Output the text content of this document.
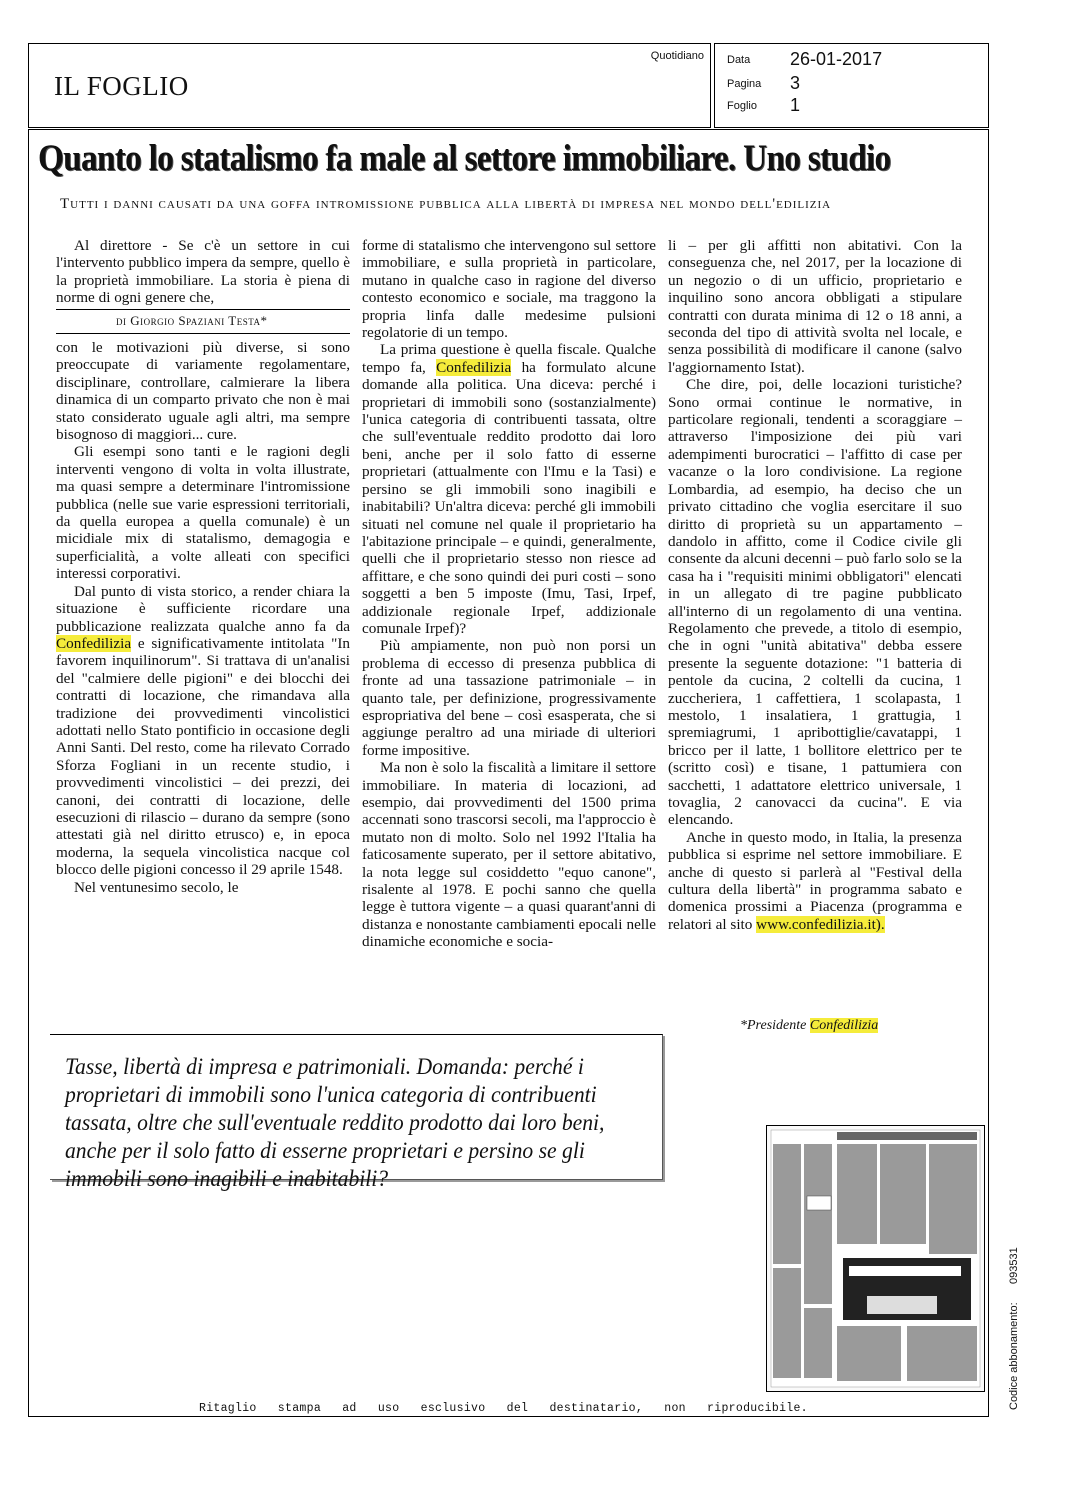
IL FOGLIO
Quotidiano Data 26-01-2017
Pagina 3
Foglio 1
Quanto lo statalismo fa male al settore immobiliare. Uno studio
Tutti i danni causati da una goffa intromissione pubblica alla libertà di impresa nel mondo dell'edilizia

Al direttore - Se c'è un settore in cui l'intervento pubblico impera da sempre, quello è la proprietà immobiliare. La storia è piena di norme di ogni genere che,

di Giorgio Spaziani Testa*

con le motivazioni più diverse, si sono preoccupate di variamente regolamentare, disciplinare, controllare, calmierare la libera dinamica di un comparto privato che non è mai stato considerato uguale agli altri, ma sempre bisognoso di maggiori... cure.

Gli esempi sono tanti e le ragioni degli interventi vengono di volta in volta illustrate, ma quasi sempre a determinare l'intromissione pubblica (nelle sue varie espressioni territoriali, da quella europea a quella comunale) è un micidiale mix di statalismo, demagogia e superficialità, a volte alleati con specifici interessi corporativi.

Dal punto di vista storico, a render chiara la situazione è sufficiente ricordare una pubblicazione realizzata qualche anno fa da Confedilizia e significativamente intitolata "In favorem inquilinorum". Si trattava di un'analisi del "calmiere delle pigioni" e dei blocchi dei contratti di locazione, che rimandava alla tradizione dei provvedimenti vincolistici adottati nello Stato pontificio in occasione degli Anni Santi. Del resto, come ha rilevato Corrado Sforza Fogliani in un recente studio, i provvedimenti vincolistici – dei prezzi, dei canoni, dei contratti di locazione, delle esecuzioni di rilascio – durano da sempre (sono attestati già nel diritto etrusco) e, in epoca moderna, la sequela vincolistica nacque col blocco delle pigioni concesso il 29 aprile 1548.

Nel ventunesimo secolo, le

forme di statalismo che intervengono sul settore immobiliare, e sulla proprietà in particolare, mutano in qualche caso in ragione del diverso contesto economico e sociale, ma traggono la propria linfa dalle medesime pulsioni regolatorie di un tempo.

La prima questione è quella fiscale. Qualche tempo fa, Confedilizia ha formulato alcune domande alla politica. Una diceva: perché i proprietari di immobili sono (sostanzialmente) l'unica categoria di contribuenti tassata, oltre che sull'eventuale reddito prodotto dai loro beni, anche per il solo fatto di esserne proprietari (attualmente con l'Imu e la Tasi) e persino se gli immobili sono inagibili e inabitabili? Un'altra diceva: perché gli immobili situati nel comune nel quale il proprietario ha l'abitazione principale – e quindi, generalmente, quelli che il proprietario stesso non riesce ad affittare, e che sono quindi dei puri costi – sono soggetti a ben 5 imposte (Imu, Tasi, Irpef, addizionale regionale Irpef, addizionale comunale Irpef)?

Più ampiamente, non può non porsi un problema di eccesso di presenza pubblica di fronte ad una tassazione patrimoniale – in quanto tale, per definizione, progressivamente espropriativa del bene – così esasperata, che si aggiunge peraltro ad una miriade di ulteriori forme impositive.

Ma non è solo la fiscalità a limitare il settore immobiliare. In materia di locazioni, ad esempio, dai provvedimenti del 1500 prima accennati sono trascorsi secoli, ma l'approccio è mutato non di molto. Solo nel 1992 l'Italia ha faticosamente superato, per il settore abitativo, la nota legge sul cosiddetto "equo canone", risalente al 1978. E pochi sanno che quella legge è tuttora vigente – a quasi quarant'anni di distanza e nonostante cambiamenti epocali nelle dinamiche economiche e socia-

li – per gli affitti non abitativi. Con la conseguenza che, nel 2017, per la locazione di un negozio o di un ufficio, proprietario e inquilino sono ancora obbligati a stipulare contratti con durata minima di 12 o 18 anni, a seconda del tipo di attività svolta nel locale, e senza possibilità di modificare il canone (salvo l'aggiornamento Istat).

Che dire, poi, delle locazioni turistiche? Sono ormai continue le normative, in particolare regionali, tendenti a scoraggiare – attraverso l'imposizione dei più vari adempimenti burocratici – l'affitto di case per vacanze o la loro condivisione. La regione Lombardia, ad esempio, ha deciso che un privato cittadino che voglia esercitare il suo diritto di proprietà su un appartamento – dandolo in affitto, come il Codice civile gli consente da alcuni decenni – può farlo solo se la casa ha i "requisiti minimi obbligatori" elencati in un allegato di tre pagine pubblicato all'interno di un regolamento di una ventina. Regolamento che prevede, a titolo di esempio, che in ogni "unità abitativa" debba essere presente la seguente dotazione: "1 batteria di pentole da cucina, 2 coltelli da cucina, 1 zuccheriera, 1 caffettiera, 1 scolapasta, 1 mestolo, 1 insalatiera, 1 grattugia, 1 spremiagrumi, 1 apribottiglie/cavatappi, 1 bricco per il latte, 1 bollitore elettrico per te (scritto così) e tisane, 1 pattumiera con sacchetti, 1 adattatore elettrico universale, 1 tovaglia, 2 canovacci da cucina". E via elencando.

Anche in questo modo, in Italia, la presenza pubblica si esprime nel settore immobiliare. E anche di questo si parlerà al "Festival della cultura della libertà" in programma sabato e domenica prossimi a Piacenza (programma e relatori al sito www.confedilizia.it).

*Presidente Confedilizia

Tasse, libertà di impresa e patrimoniali. Domanda: perché i proprietari di immobili sono l'unica categoria di contribuenti tassata, oltre che sull'eventuale reddito prodotto dai loro beni, anche per il solo fatto di esserne proprietari e persino se gli immobili sono inagibili e inabitabili?

Codice abbonamento:      093531
Ritaglio stampa ad uso esclusivo del destinatario, non riproducibile.
